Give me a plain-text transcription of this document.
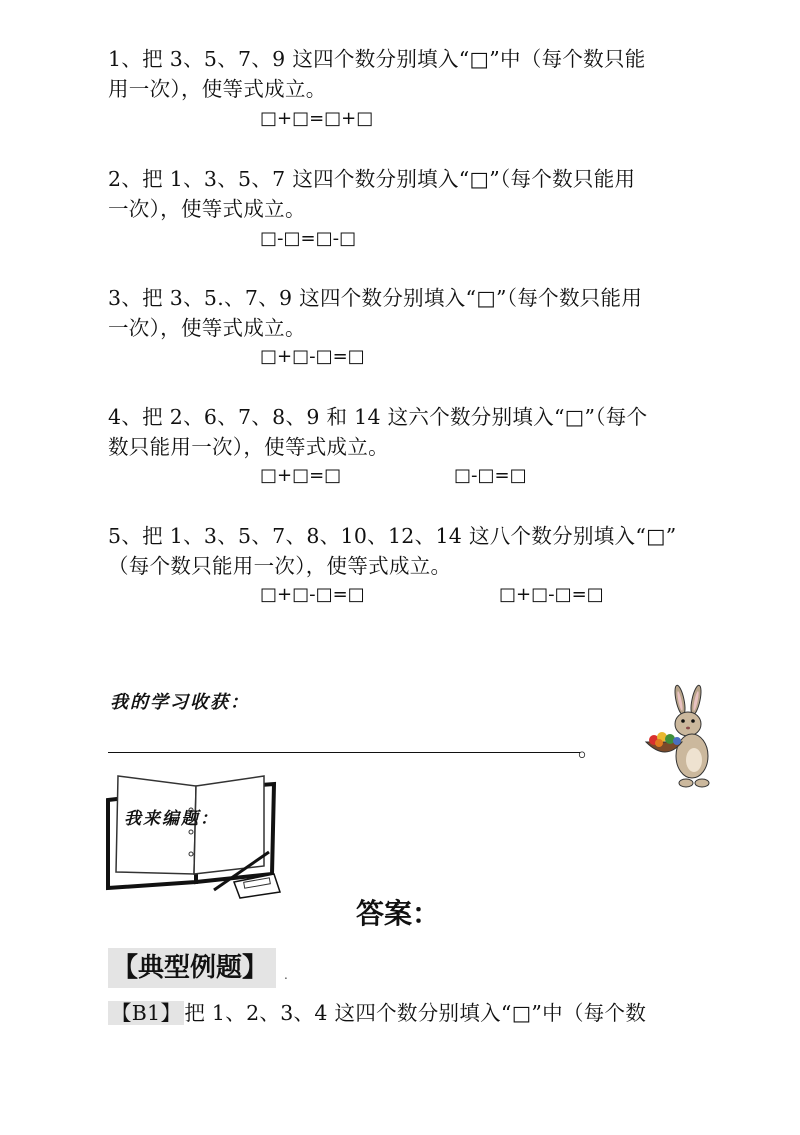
1、把 3、5、7、9 这四个数分别填入“□”中（每个数只能
用一次），使等式成立。
□+□=□+□
2、把 1、3、5、7 这四个数分别填入“□”（每个数只能用
一次），使等式成立。
□-□=□-□
3、把 3、5.、7、9 这四个数分别填入“□”（每个数只能用
一次），使等式成立。
□+□-□=□
4、把 2、6、7、8、9 和 14 这六个数分别填入“□”（每个
数只能用一次），使等式成立。
□+□=□	□-□=□
5、把 1、3、5、7、8、10、12、14 这八个数分别填入“□”
（每个数只能用一次），使等式成立。
□+□-□=□	□+□-□=□
我的学习收获：
。
我来编题：
答案：
【典型例题】	.
【B1】 把 1、2、3、4 这四个数分别填入“□”中（每个数
